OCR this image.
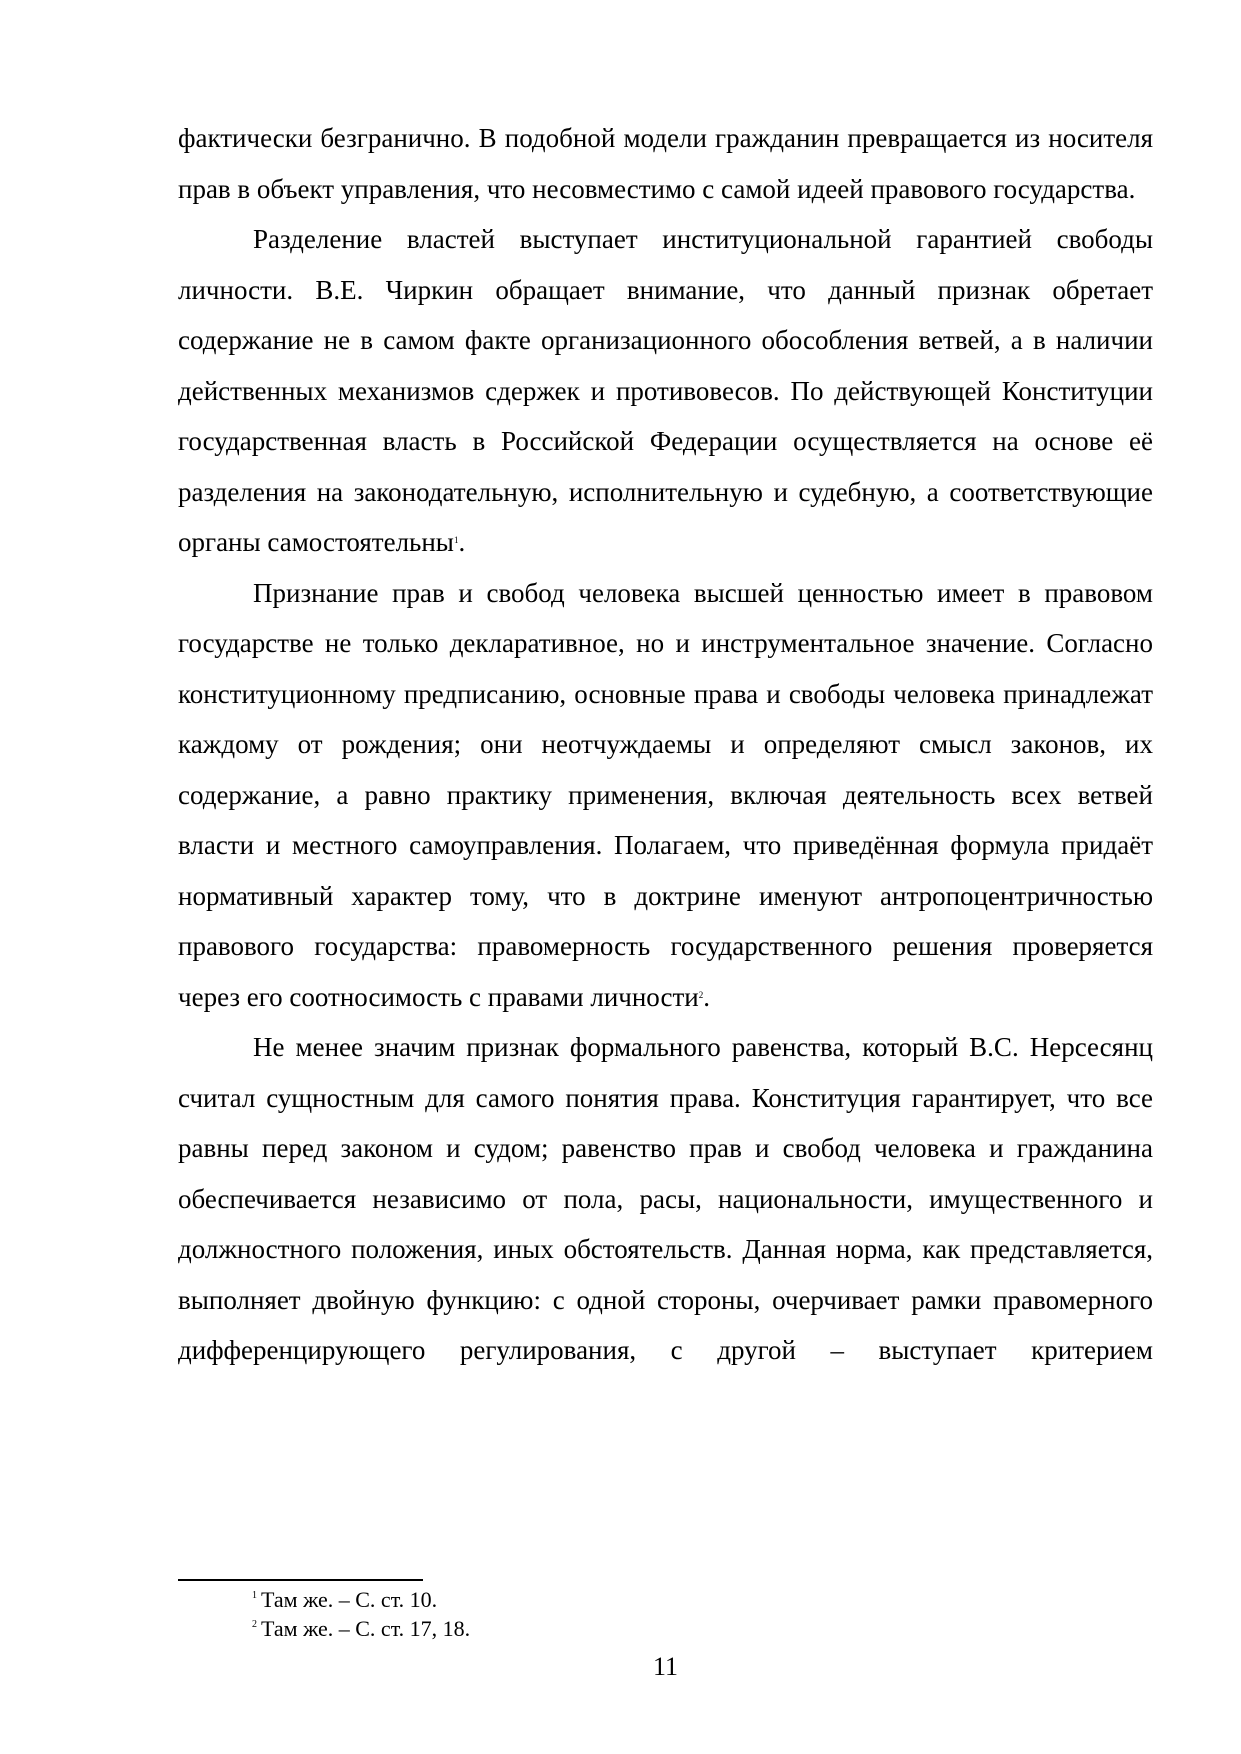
фактически безгранично. В подобной модели гражданин превращается из носителя прав в объект управления, что несовместимо с самой идеей правового государства.

Разделение властей выступает институциональной гарантией свободы личности. В.Е. Чиркин обращает внимание, что данный признак обретает содержание не в самом факте организационного обособления ветвей, а в наличии действенных механизмов сдержек и противовесов. По действующей Конституции государственная власть в Российской Федерации осуществляется на основе её разделения на законодательную, исполнительную и судебную, а соответствующие органы самостоятельны$^1$.

Признание прав и свобод человека высшей ценностью имеет в правовом государстве не только декларативное, но и инструментальное значение. Согласно конституционному предписанию, основные права и свободы человека принадлежат каждому от рождения; они неотчуждаемы и определяют смысл законов, их содержание, а равно практику применения, включая деятельность всех ветвей власти и местного самоуправления. Полагаем, что приведённая формула придаёт нормативный характер тому, что в доктрине именуют антропоцентричностью правового государства: правомерность государственного решения проверяется через его соотносимость с правами личности$^2$.

Не менее значим признак формального равенства, который В.С. Нерсесянц считал сущностным для самого понятия права. Конституция гарантирует, что все равны перед законом и судом; равенство прав и свобод человека и гражданина обеспечивается независимо от пола, расы, национальности, имущественного и должностного положения, иных обстоятельств. Данная норма, как представляется, выполняет двойную функцию: с одной стороны, очерчивает рамки правомерного дифференцирующего регулирования, с другой – выступает критерием

$^1$ Там же. – С. ст. 10.
$^2$ Там же. – С. ст. 17, 18.
11
